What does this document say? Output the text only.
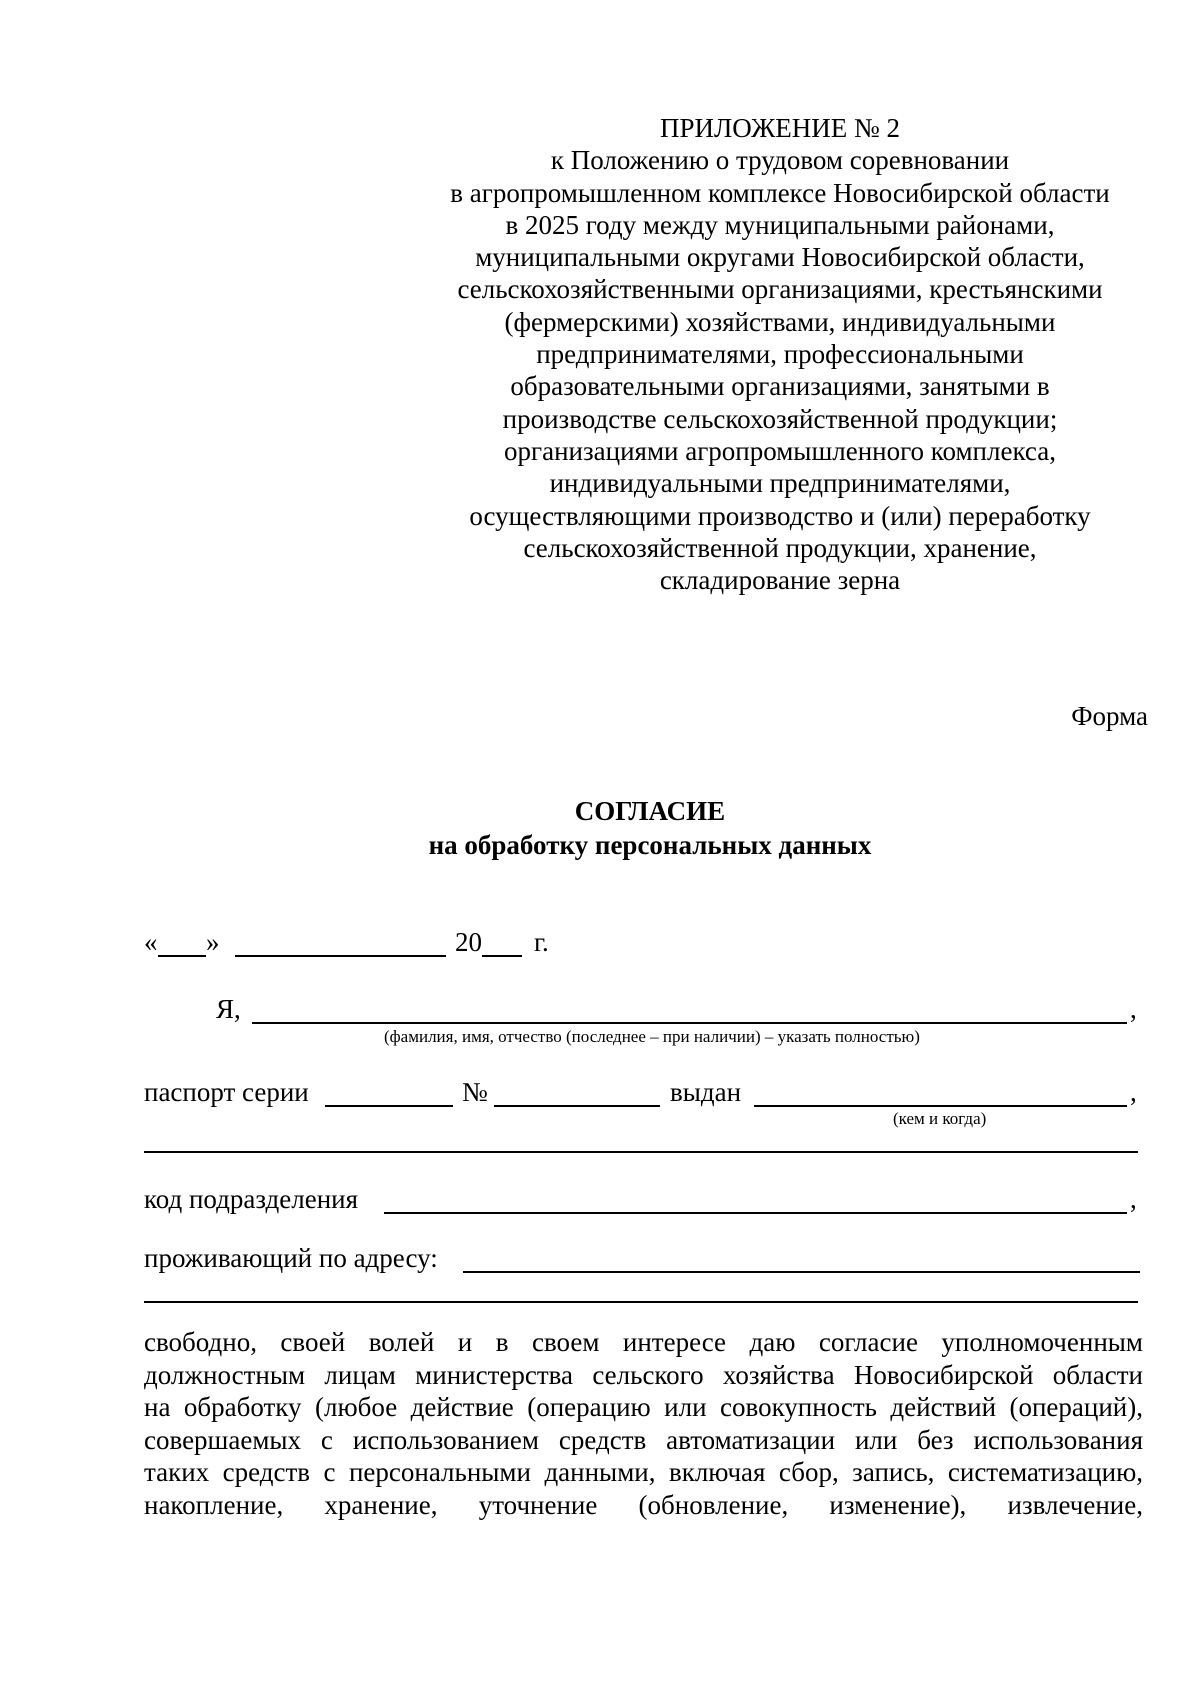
ПРИЛОЖЕНИЕ № 2
к Положению о трудовом соревновании
в агропромышленном комплексе Новосибирской области
в 2025 году между муниципальными районами,
муниципальными округами Новосибирской области,
сельскохозяйственными организациями, крестьянскими
(фермерскими) хозяйствами, индивидуальными
предпринимателями, профессиональными
образовательными организациями, занятыми в
производстве сельскохозяйственной продукции;
организациями агропромышленного комплекса,
индивидуальными предпринимателями,
осуществляющими производство и (или) переработку
сельскохозяйственной продукции, хранение,
складирование зерна
Форма
СОГЛАСИЕ
на обработку персональных данных
« »	20 г.
Я,	,
(фамилия, имя, отчество (последнее – при наличии) – указать полностью)
паспорт серии	№	выдан	,
(кем и когда)
код подразделения	,
проживающий по адресу:
свободно, своей волей и в своем интересе даю согласие уполномоченным
должностным лицам министерства сельского хозяйства Новосибирской области
на обработку (любое действие (операцию или совокупность действий (операций),
совершаемых с использованием средств автоматизации или без использования
таких средств с персональными данными, включая сбор, запись, систематизацию,
накопление, хранение, уточнение (обновление, изменение), извлечение,
